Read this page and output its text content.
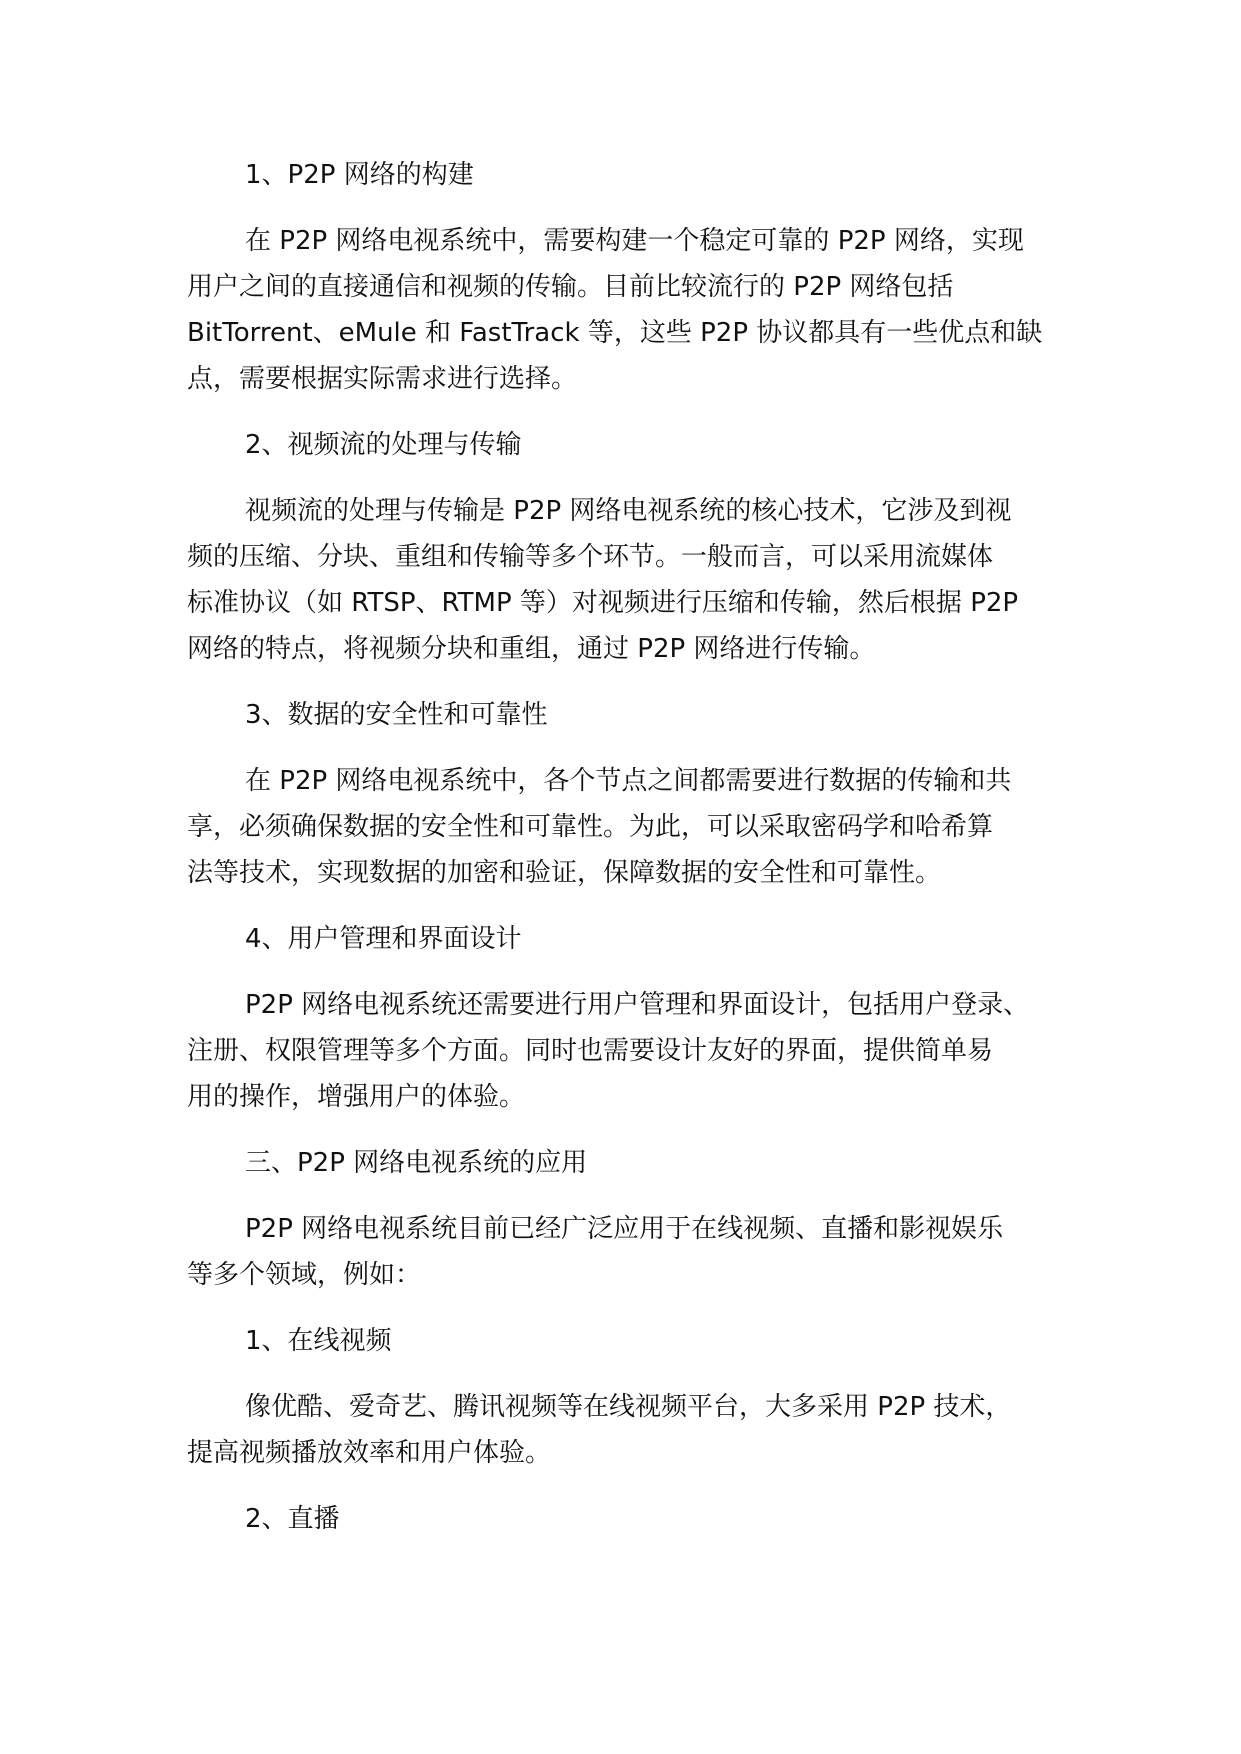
1、P2P 网络的构建

在 P2P 网络电视系统中，需要构建一个稳定可靠的 P2P 网络，实现
用户之间的直接通信和视频的传输。目前比较流行的 P2P 网络包括
BitTorrent、eMule 和 FastTrack 等，这些 P2P 协议都具有一些优点和缺
点，需要根据实际需求进行选择。

2、视频流的处理与传输

视频流的处理与传输是 P2P 网络电视系统的核心技术，它涉及到视
频的压缩、分块、重组和传输等多个环节。一般而言，可以采用流媒体
标准协议（如 RTSP、RTMP 等）对视频进行压缩和传输，然后根据 P2P
网络的特点，将视频分块和重组，通过 P2P 网络进行传输。

3、数据的安全性和可靠性

在 P2P 网络电视系统中，各个节点之间都需要进行数据的传输和共
享，必须确保数据的安全性和可靠性。为此，可以采取密码学和哈希算
法等技术，实现数据的加密和验证，保障数据的安全性和可靠性。

4、用户管理和界面设计

P2P 网络电视系统还需要进行用户管理和界面设计，包括用户登录、
注册、权限管理等多个方面。同时也需要设计友好的界面，提供简单易
用的操作，增强用户的体验。

三、P2P 网络电视系统的应用

P2P 网络电视系统目前已经广泛应用于在线视频、直播和影视娱乐
等多个领域，例如：

1、在线视频

像优酷、爱奇艺、腾讯视频等在线视频平台，大多采用 P2P 技术，
提高视频播放效率和用户体验。

2、直播
